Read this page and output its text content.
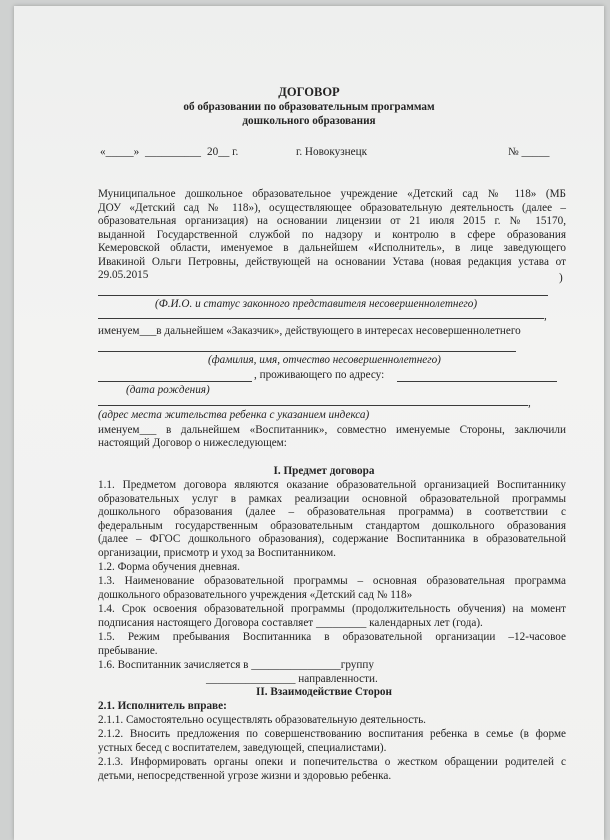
ДОГОВОР
об образовании по образовательным программам
дошкольного образования
«_____» __________ 20__ г.	г. Новокузнецк	№ _____
Муниципальное дошкольное образовательное учреждение «Детский сад № 118» (МБ
ДОУ «Детский сад № 118»), осуществляющее образовательную деятельность (далее –
образовательная организация) на основании лицензии от 21 июля 2015 г. № 15170,
выданной Государственной службой по надзору и контролю в сфере образования
Кемеровской области, именуемое в дальнейшем «Исполнитель», в лице заведующего
Ивакиной Ольги Петровны, действующей на основании Устава (новая редакция устава от
29.05.2015	)
(Ф.И.О. и статус законного представителя несовершеннолетнего)
,
именуем___в дальнейшем «Заказчик», действующего в интересах несовершеннолетнего
(фамилия, имя, отчество несовершеннолетнего)
, проживающего по адресу:
(дата рождения)
,
(адрес места жительства ребенка с указанием индекса)
именуем___ в дальнейшем «Воспитанник», совместно именуемые Стороны, заключили
настоящий Договор о нижеследующем:
I. Предмет договора
1.1. Предметом договора являются оказание образовательной организацией Воспитаннику
образовательных услуг в рамках реализации основной образовательной программы
дошкольного образования (далее – образовательная программа) в соответствии с
федеральным государственным образовательным стандартом дошкольного образования
(далее – ФГОС дошкольного образования), содержание Воспитанника в образовательной
организации, присмотр и уход за Воспитанником.
1.2. Форма обучения дневная.
1.3. Наименование образовательной программы – основная образовательная программа
дошкольного образовательного учреждения «Детский сад № 118»
1.4. Срок освоения образовательной программы (продолжительность обучения) на момент
подписания настоящего Договора составляет _________ календарных лет (года).
1.5. Режим пребывания Воспитанника в образовательной организации –12-часовое
пребывание.
1.6. Воспитанник зачисляется в ________________группу
________________ направленности.
II. Взаимодействие Сторон
2.1. Исполнитель вправе:
2.1.1. Самостоятельно осуществлять образовательную деятельность.
2.1.2. Вносить предложения по совершенствованию воспитания ребенка в семье (в форме
устных бесед с воспитателем, заведующей, специалистами).
2.1.3. Информировать органы опеки и попечительства о жестком обращении родителей с
детьми, непосредственной угрозе жизни и здоровью ребенка.
